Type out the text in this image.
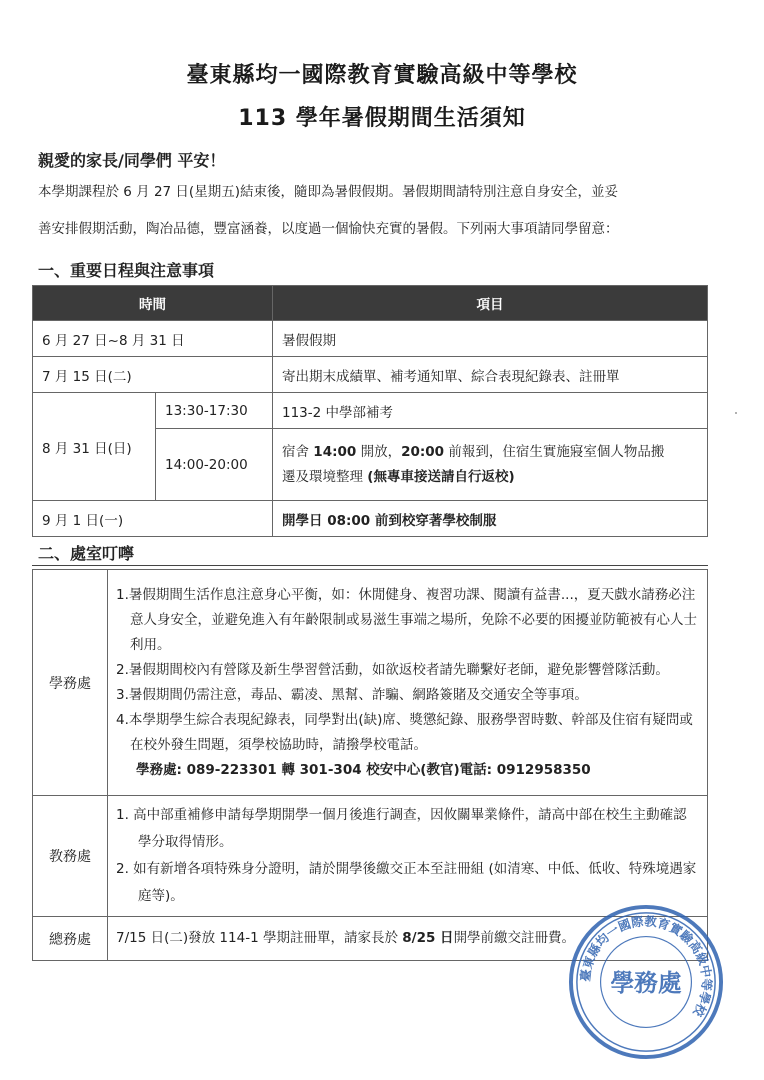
臺東縣均一國際教育實驗高級中等學校
113 學年暑假期間生活須知
親愛的家長/同學們 平安！
本學期課程於 6 月 27 日(星期五)結束後，隨即為暑假假期。暑假期間請特別注意自身安全，並妥
善安排假期活動，陶冶品德，豐富涵養，以度過一個愉快充實的暑假。下列兩大事項請同學留意：
一、重要日程與注意事項
時間		項目
6 月 27 日~8 月 31 日		暑假假期
7 月 15 日(二)		寄出期末成績單、補考通知單、綜合表現紀錄表、註冊單
8 月 31 日(日)	13:30-17:30	113-2 中學部補考
	14:00-20:00	宿舍 14:00 開放，20:00 前報到，住宿生實施寢室個人物品搬
遷及環境整理 (無專車接送請自行返校)
9 月 1 日(一)		開學日 08:00 前到校穿著學校制服
二、處室叮嚀
學務處	1.暑假期間生活作息注意身心平衡，如：休閒健身、複習功課、閱讀有益書...，夏天戲水請務必注意人身安全，並避免進入有年齡限制或易滋生事端之場所，免除不必要的困擾並防範被有心人士利用。
2.暑假期間校內有營隊及新生學習營活動，如欲返校者請先聯繫好老師，避免影響營隊活動。
3.暑假期間仍需注意，毒品、霸凌、黑幫、詐騙、網路簽賭及交通安全等事項。
4.本學期學生綜合表現紀錄表，同學對出(缺)席、獎懲紀錄、服務學習時數、幹部及住宿有疑問或在校外發生問題，須學校協助時，請撥學校電話。
學務處: 089-223301 轉 301-304 校安中心(教官)電話: 0912958350

教務處	1. 高中部重補修申請每學期開學一個月後進行調查，因攸關畢業條件，請高中部在校生主動確認學分取得情形。
2. 如有新增各項特殊身分證明，請於開學後繳交正本至註冊組 (如清寒、中低、低收、特殊境遇家庭等)。

總務處	7/15 日(二)發放 114-1 學期註冊單，請家長於 8/25 日開學前繳交註冊費。
臺東縣均一國際教育實驗高級中等學校
學務處
